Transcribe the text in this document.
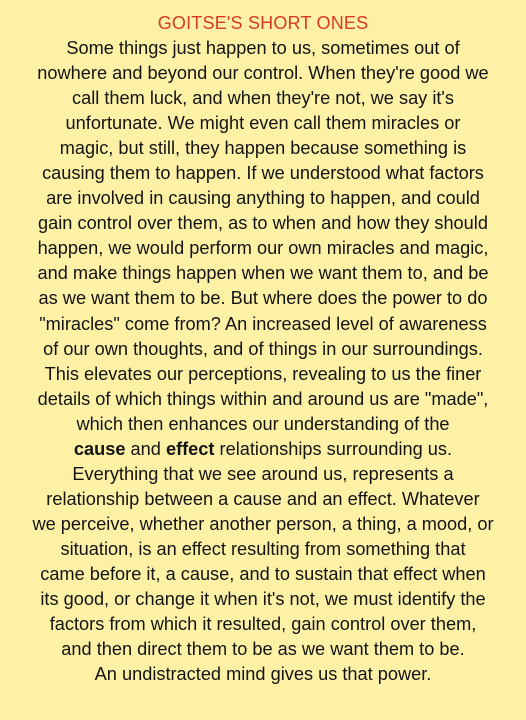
GOITSE'S SHORT ONES
Some things just happen to us, sometimes out of
nowhere and beyond our control. When they're good we
call them luck, and when they're not, we say it's
unfortunate. We might even call them miracles or
magic, but still, they happen because something is
causing them to happen. If we understood what factors
are involved in causing anything to happen, and could
gain control over them, as to when and how they should
happen, we would perform our own miracles and magic,
and make things happen when we want them to, and be
as we want them to be. But where does the power to do
"miracles" come from? An increased level of awareness
of our own thoughts, and of things in our surroundings.
This elevates our perceptions, revealing to us the finer
details of which things within and around us are "made",
which then enhances our understanding of the
cause and effect relationships surrounding us.
Everything that we see around us, represents a
relationship between a cause and an effect. Whatever
we perceive, whether another person, a thing, a mood, or
situation, is an effect resulting from something that
came before it, a cause, and to sustain that effect when
its good, or change it when it's not, we must identify the
factors from which it resulted, gain control over them,
and then direct them to be as we want them to be.
An undistracted mind gives us that power.
